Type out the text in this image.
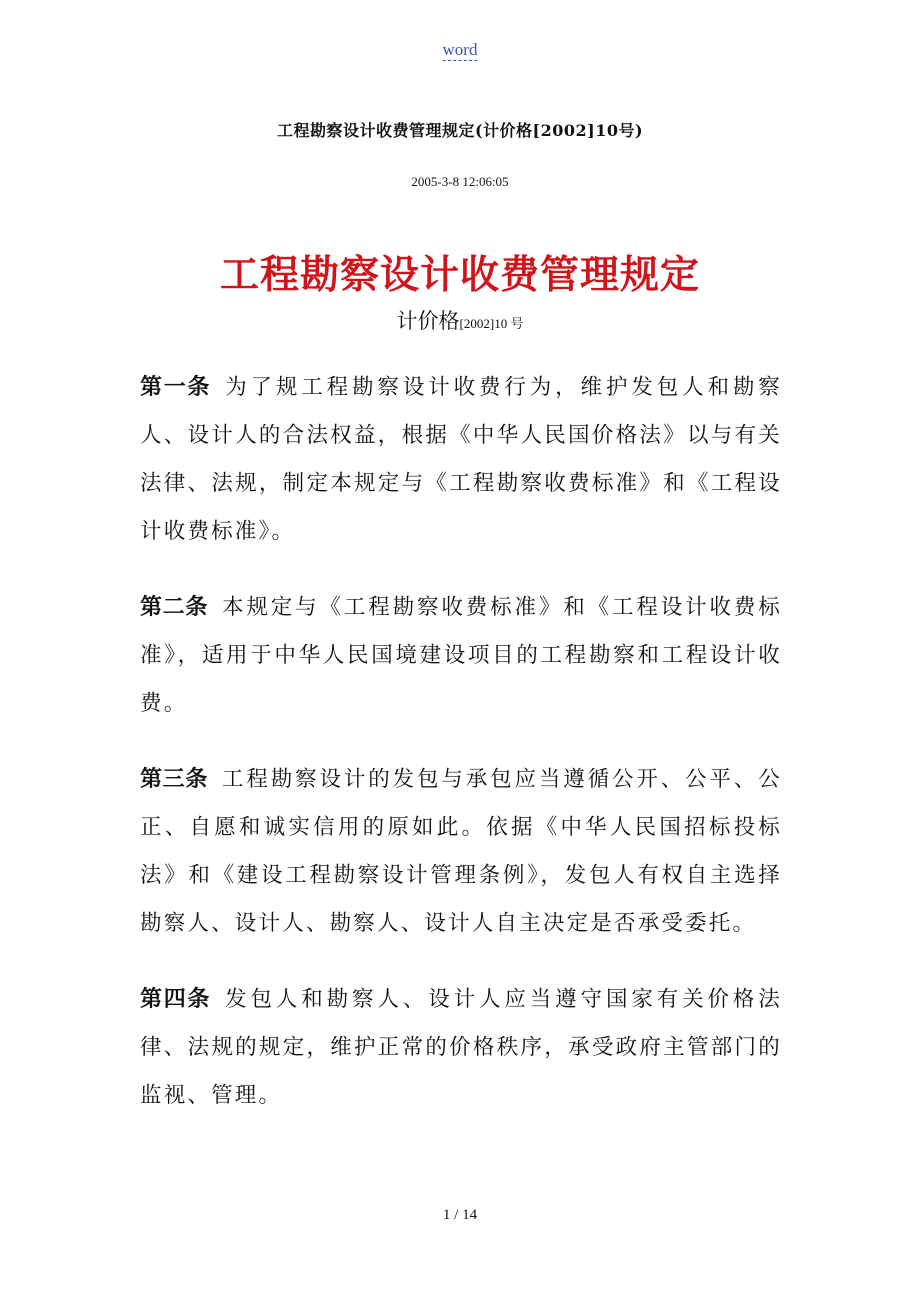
word
工程勘察设计收费管理规定(计价格[2002]10号)
2005-3-8 12:06:05
工程勘察设计收费管理规定
计价格[2002]10 号

第一条 为了规工程勘察设计收费行为，维护发包人和勘察人、设计人的合法权益，根据《中华人民国价格法》以与有关法律、法规，制定本规定与《工程勘察收费标准》和《工程设计收费标准》。

第二条 本规定与《工程勘察收费标准》和《工程设计收费标准》，适用于中华人民国境建设项目的工程勘察和工程设计收费。

第三条 工程勘察设计的发包与承包应当遵循公开、公平、公正、自愿和诚实信用的原如此。依据《中华人民国招标投标法》和《建设工程勘察设计管理条例》，发包人有权自主选择勘察人、设计人、勘察人、设计人自主决定是否承受委托。

第四条 发包人和勘察人、设计人应当遵守国家有关价格法律、法规的规定，维护正常的价格秩序，承受政府主管部门的监视、管理。

1 / 14
